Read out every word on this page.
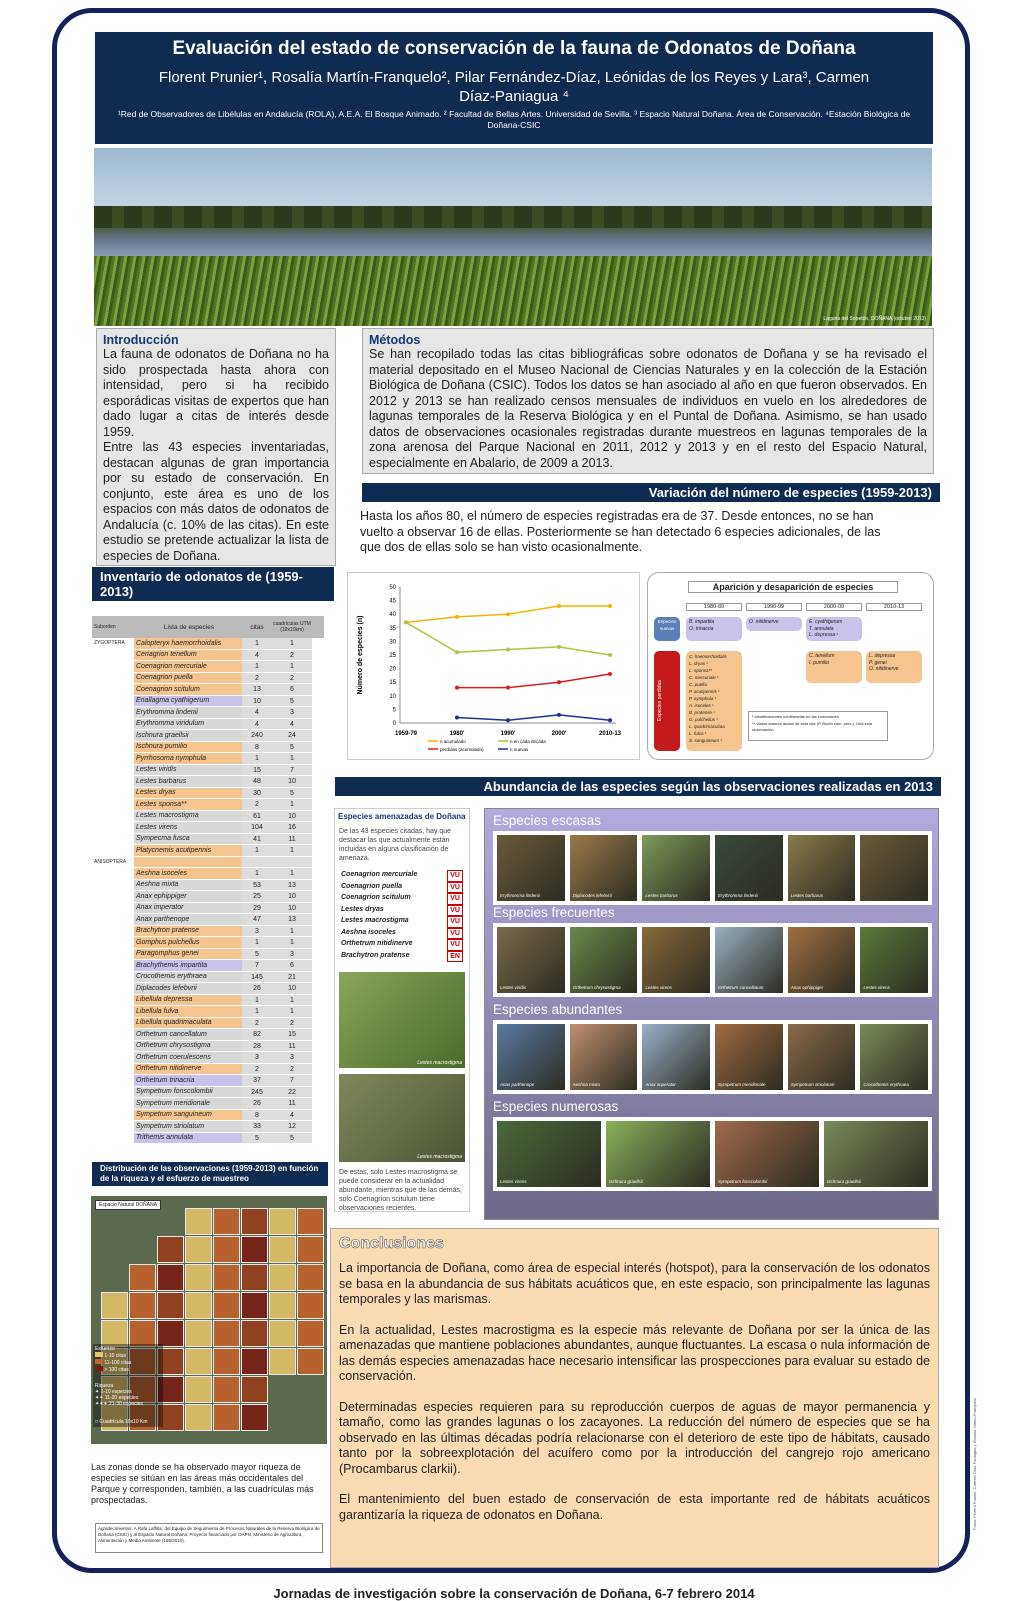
Evaluación del estado de conservación de la fauna de Odonatos de Doñana
Florent Prunier¹, Rosalía Martín-Franquelo², Pilar Fernández-Díaz, Leónidas de los Reyes y Lara³, Carmen Díaz-Paniagua ⁴
¹Red de Observadores de Libélulas en Andalucía (ROLA), A.E.A. El Bosque Animado. ² Facultad de Bellas Artes. Universidad de Sevilla. ³ Espacio Natural Doñana. Área de Conservación. ⁴Estación Biológica de Doñana-CSIC
Laguna del Sopetón, DOÑANA (octubre 2013)
Introducción
La fauna de odonatos de Doñana no ha sido prospectada hasta ahora con intensidad, pero si ha recibido esporádicas visitas de expertos que han dado lugar a citas de interés desde 1959.
Entre las 43 especies inventariadas, destacan algunas de gran importancia por su estado de conservación. En conjunto, este área es uno de los espacios con más datos de odonatos de Andalucía (c. 10% de las citas). En este estudio se pretende actualizar la lista de especies de Doñana.
Métodos
Se han recopilado todas las citas bibliográficas sobre odonatos de Doñana y se ha revisado el material depositado en el Museo Nacional de Ciencias Naturales y en la colección de la Estación Biológica de Doñana (CSIC). Todos los datos se han asociado al año en que fueron observados. En 2012 y 2013 se han realizado censos mensuales de individuos en vuelo en los alrededores de lagunas temporales de la Reserva Biológica y en el Puntal de Doñana. Asimismo, se han usado datos de observaciones ocasionales registradas durante muestreos en lagunas temporales de la zona arenosa del Parque Nacional en 2011, 2012 y 2013 y en el resto del Espacio Natural, especialmente en Abalario, de 2009 a 2013.
Variación del número de especies (1959-2013)
Hasta los años 80, el número de especies registradas era de 37. Desde entonces, no se han vuelto a observar 16 de ellas. Posteriormente se han detectado 6 especies adicionales, de las que dos de ellas solo se han visto ocasionalmente.
Inventario de odonatos de (1959-2013)
Suborden	Lista de especies	citas	cuadrículas UTM (10x10km)
ZYGOPTERA	Calopteryx haemorrhoidalis	1	1
Ceriagrion tenellum	4	2
Coenagrion mercuriale	1	1
Coenagrion puella	2	2
Coenagrion scitulum	13	6
Enallagma cyathigerum	10	5
Erythromma lindenii	4	3
Erythromma viridulum	4	4
Ischnura graellsii	240	24
Ischnura pumilio	8	5
Pyrrhosoma nymphula	1	1
Lestes viridis	15	7
Lestes barbarus	48	10
Lestes dryas	30	5
Lestes sponsa**	2	1
Lestes macrostigma	61	10
Lestes virens	104	16
Sympecma fusca	41	11
Platycnemis acutipennis	1	1
ANISOPTERA
Aeshna isoceles	1	1
Aeshna mixta	53	13
Anax ephippiger	25	10
Anax imperator	29	10
Anax parthenope	47	13
Brachytron pratense	3	1
Gomphus pulchellus	1	1
Paragomphus genei	5	3
Brachythemis impartita	7	6
Crocothemis erythraea	145	21
Diplacodes lefebvrii	26	10
Libellula depressa	1	1
Libellula fulva	1	1
Libellula quadrimaculata	2	2
Orthetrum cancellatum	82	15
Orthetrum chrysostigma	28	11
Orthetrum coerulescens	3	3
Orthetrum nitidinerve	2	2
Orthetrum trinacria	37	7
Sympetrum fonscolombii	245	22
Sympetrum meridionale	26	11
Sympetrum sanguineum	8	4
Sympetrum striolatum	33	12
Trithemis annulata	5	5
0
5
10
15
20
25
30
35
40
45
50
1959-79	1980'	1990'	2000'	2010-13
Número de especies (n)
n acumulado	n en cada década
pérdidas (acumulado)	n nuevas
Aparición y desaparición de especies
1980-89	1990-99	2000-09	2010-13
Especies nuevas
Especies perdidas
B. impartita
O. trinacria
O. nitidinerve	E. cyathigerum
T. annulata
L. depressa ¹
C. haemorrhoidalis
L. dryas ¹
L. sponsa**
C. mercuriale ¹
C. puella
P. acutipennis ¹
P. nymphula ¹
A. isoceles ¹
B. pratense ¹
G. pulchellus ¹
L. quadrimaculata
L. fulva ¹
S. sanguineum ¹
C. tenellum
I. pumilio
L. depressa
P. genei
O. nitidinerve
¹ Identificaciones confirmadas en las colecciones.
** Varios autores dudan de esta cita (P. Bodín com. pers.). Una sola observación.
Abundancia de las especies según las observaciones realizadas en 2013
Especies amenazadas de Doñana
De las 43 especies citadas, hay que destacar las que actualmente están incluidas en alguna clasificación de amenaza.
Coenagrion mercuriale	VU
Coenagrion puella	VU
Coenagrion scitulum	VU
Lestes dryas	VU
Lestes macrostigma	VU
Aeshna isoceles	VU
Orthetrum nitidinerve	VU
Brachytron pratense	EN
Lestes macrostigma
Lestes macrostigma
De estas, solo Lestes macrostigma se puede considerar en la actualidad abundante, mientras que de las demás, solo Coenagrion scitulum tiene observaciones recientes.
Especies escasas
Erythromma lindenii	Diplacodes lefebvrii	Lestes barbarus	Erythromma lindenii	Lestes barbarus
Especies frecuentes
Lestes viridis	Orthetrum chrysostigma	Lestes virens	Orthetrum cancellatum	Anax ephippiger	Lestes virens
Especies abundantes
Anax parthenope	Aeshna mixta	Anax imperator	Sympetrum meridionale	Sympetrum striolatum	Crocothemis erythraea
Especies numerosas
Lestes virens	Ischnura graellsii	Sympetrum fonscolombii	Ischnura graellsii
Distribución de las observaciones (1959-2013) en función de la riqueza y el esfuerzo de muestreo
Espacio Natural DOÑANA
Esfuerzo
1-10 citas
11-100 citas
> 100 citas
Riqueza
✦ 1-10 especies
✦✦ 11-20 especies
✦✦✦ 21-30 especies
□ Cuadrícula 10x10 Km
Las zonas donde se ha observado mayor riqueza de especies se sitúan en las áreas más occidentales del Parque y corresponden, también, a las cuadrículas más prospectadas.
Agradecimientos: A Rafa Laffitte, del Equipo de Seguimiento de Procesos Naturales de la Reserva Biológica de Doñana (CSIC) y al Espacio Natural Doñana. Proyecto financiado por OAPN, Ministerio de Agricultura, Alimentación y Medio Ambiente (155/2010).
Conclusiones

La importancia de Doñana, como área de especial interés (hotspot), para la conservación de los odonatos se basa en la abundancia de sus hábitats acuáticos que, en este espacio, son principalmente las lagunas temporales y las marismas.

En la actualidad, Lestes macrostigma es la especie más relevante de Doñana por ser la única de las amenazadas que mantiene poblaciones abundantes, aunque fluctuantes. La escasa o nula información de las demás especies amenazadas hace necesario intensificar las prospecciones para evaluar su estado de conservación.

Determinadas especies requieren para su reproducción cuerpos de aguas de mayor permanencia y tamaño, como las grandes lagunas o los zacayones. La reducción del número de especies que se ha observado en las últimas décadas podría relacionarse con el deterioro de este tipo de hábitats, causado tanto por la sobreexplotación del acuífero como por la introducción del cangrejo rojo americano (Procambarus clarkii).

El mantenimiento del buen estado de conservación de esta importante red de hábitats acuáticos garantizaría la riqueza de odonatos en Doñana.	Fotos: Florent Prunier, Carmen Díaz-Paniagua y Rosalía Martín-Franquelo
Jornadas de investigación sobre la conservación de Doñana, 6-7 febrero 2014
